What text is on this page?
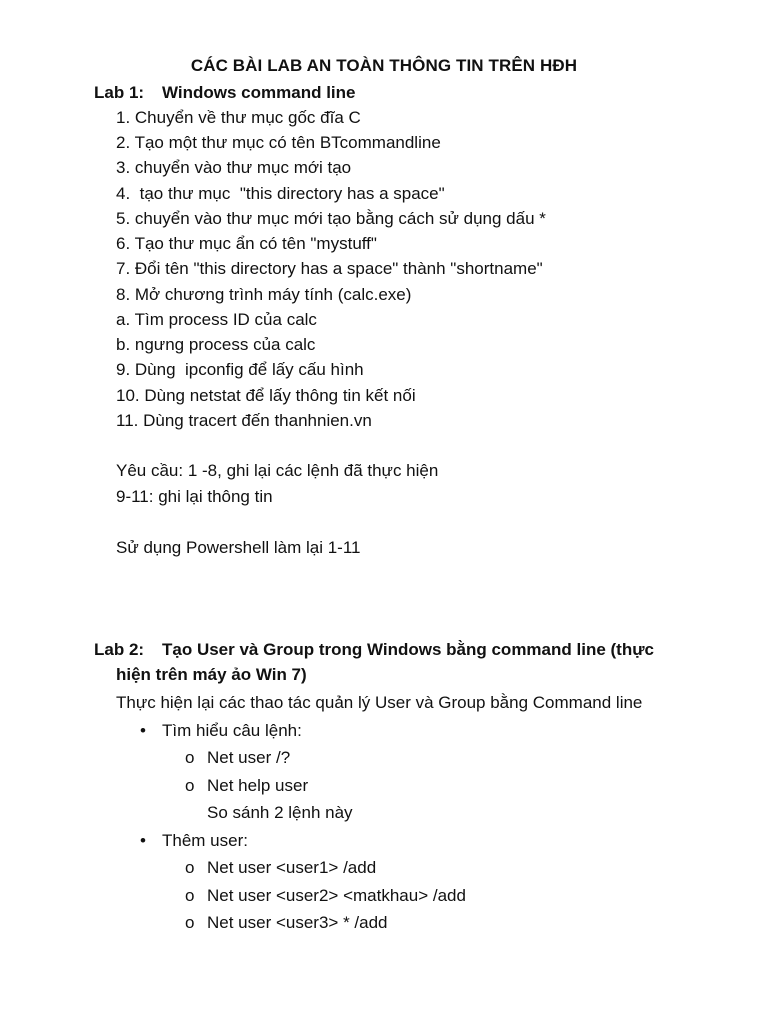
CÁC BÀI LAB AN TOÀN THÔNG TIN TRÊN HĐH
Lab 1: Windows command line
1. Chuyển về thư mục gốc đĩa C
2. Tạo một thư mục có tên BTcommandline
3. chuyển vào thư mục mới tạo
4.  tạo thư mục  "this directory has a space"
5. chuyển vào thư mục mới tạo bằng cách sử dụng dấu *
6. Tạo thư mục ẩn có tên "mystuff"
7. Đổi tên "this directory has a space" thành "shortname"
8. Mở chương trình máy tính (calc.exe)
a. Tìm process ID của calc
b. ngưng process của calc
9. Dùng  ipconfig để lấy cấu hình
10. Dùng netstat để lấy thông tin kết nối
11. Dùng tracert đến thanhnien.vn
Yêu cầu: 1 -8, ghi lại các lệnh đã thực hiện
9-11: ghi lại thông tin
Sử dụng Powershell làm lại 1-11
Lab 2: Tạo User và Group trong Windows bằng command line (thực
hiện trên máy ảo Win 7)
Thực hiện lại các thao tác quản lý User và Group bằng Command line
• Tìm hiểu câu lệnh:
o Net user /?
o Net help user
So sánh 2 lệnh này
• Thêm user:
o Net user <user1> /add
o Net user <user2> <matkhau> /add
o Net user <user3> * /add
